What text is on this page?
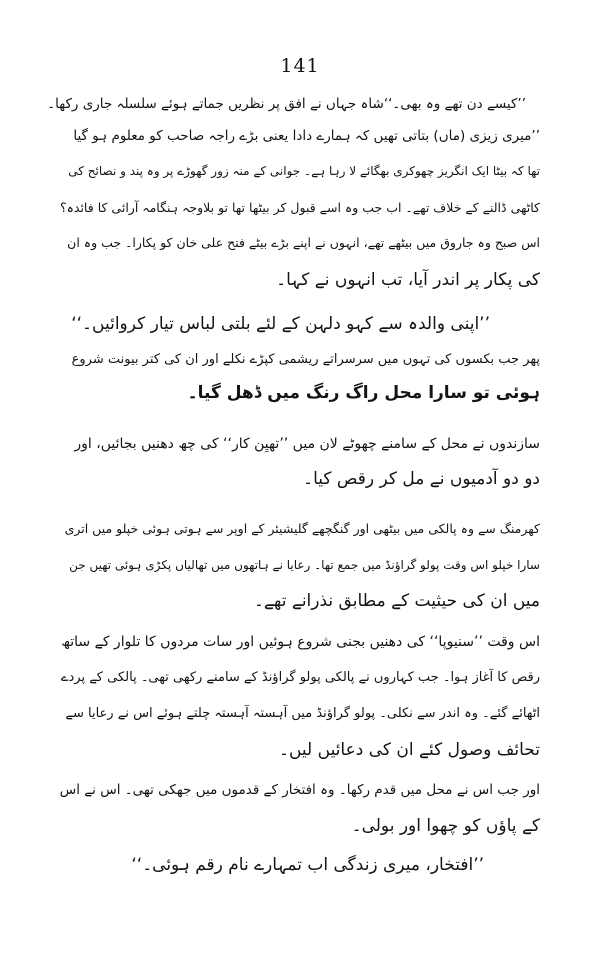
141
’’کیسے دن تھے وہ بھی۔‘‘شاہ جہاں نے افق پر نظریں جماتے ہوئے سلسلہ جاری رکھا۔
’’میری زیزی (ماں) بتاتی تھیں کہ ہمارے دادا یعنی بڑے راجہ صاحب کو معلوم ہو گیا
تھا کہ بیٹا ایک انگریز چھوکری بھگائے لا رہا ہے۔ جوانی کے منہ زور گھوڑے پر وہ پند و نصائح کی
کاٹھی ڈالنے کے خلاف تھے۔ اب جب وہ اسے قبول کر بیٹھا تھا تو بلاوجہ ہنگامہ آرائی کا فائدہ؟
اس صبح وہ جاروق میں بیٹھے تھے، انہوں نے اپنے بڑے بیٹے فتح علی خان کو پکارا۔ جب وہ ان
کی پکار پر اندر آیا، تب انہوں نے کہا۔
’’اپنی والدہ سے کہو دلہن کے لئے بلتی لباس تیار کروائیں۔‘‘
پھر جب بکسوں کی تہوں میں سرسراتے ریشمی کپڑے نکلے اور ان کی کتر بیونت شروع
ہوئی تو سارا محل راگ رنگ میں ڈھل گیا۔
سازندوں نے محل کے سامنے چھوٹے لان میں ’’تھیِن کار‘‘ کی چھ دھنیں بجائیں، اور
دو دو آدمیوں نے مل کر رقص کیا۔
کھرمنگ سے وہ پالکی میں بیٹھی اور گنگچھے گلیشیئر کے اوپر سے ہوتی ہوئی خپلو میں اتری
سارا خپلو اس وقت پولو گراؤنڈ میں جمع تھا۔ رعایا نے ہاتھوں میں تھالیاں پکڑی ہوئی تھیں جن
میں ان کی حیثیت کے مطابق نذرانے تھے۔
اس وقت ’’سنیوپا‘‘ کی دھنیں بجنی شروع ہوئیں اور سات مردوں کا تلوار کے ساتھ
رقص کا آغاز ہوا۔ جب کہاروں نے پالکی پولو گراؤنڈ کے سامنے رکھی تھی۔ پالکی کے پردے
اٹھائے گئے۔ وہ اندر سے نکلی۔ پولو گراؤنڈ میں آہستہ آہستہ چلتے ہوئے اس نے رعایا سے
تحائف وصول کئے ان کی دعائیں لیں۔
اور جب اس نے محل میں قدم رکھا۔ وہ افتخار کے قدموں میں جھکی تھی۔ اس نے اس
کے پاؤں کو چھوا اور بولی۔
’’افتخار، میری زندگی اب تمہارے نام رقم ہوئی۔‘‘
